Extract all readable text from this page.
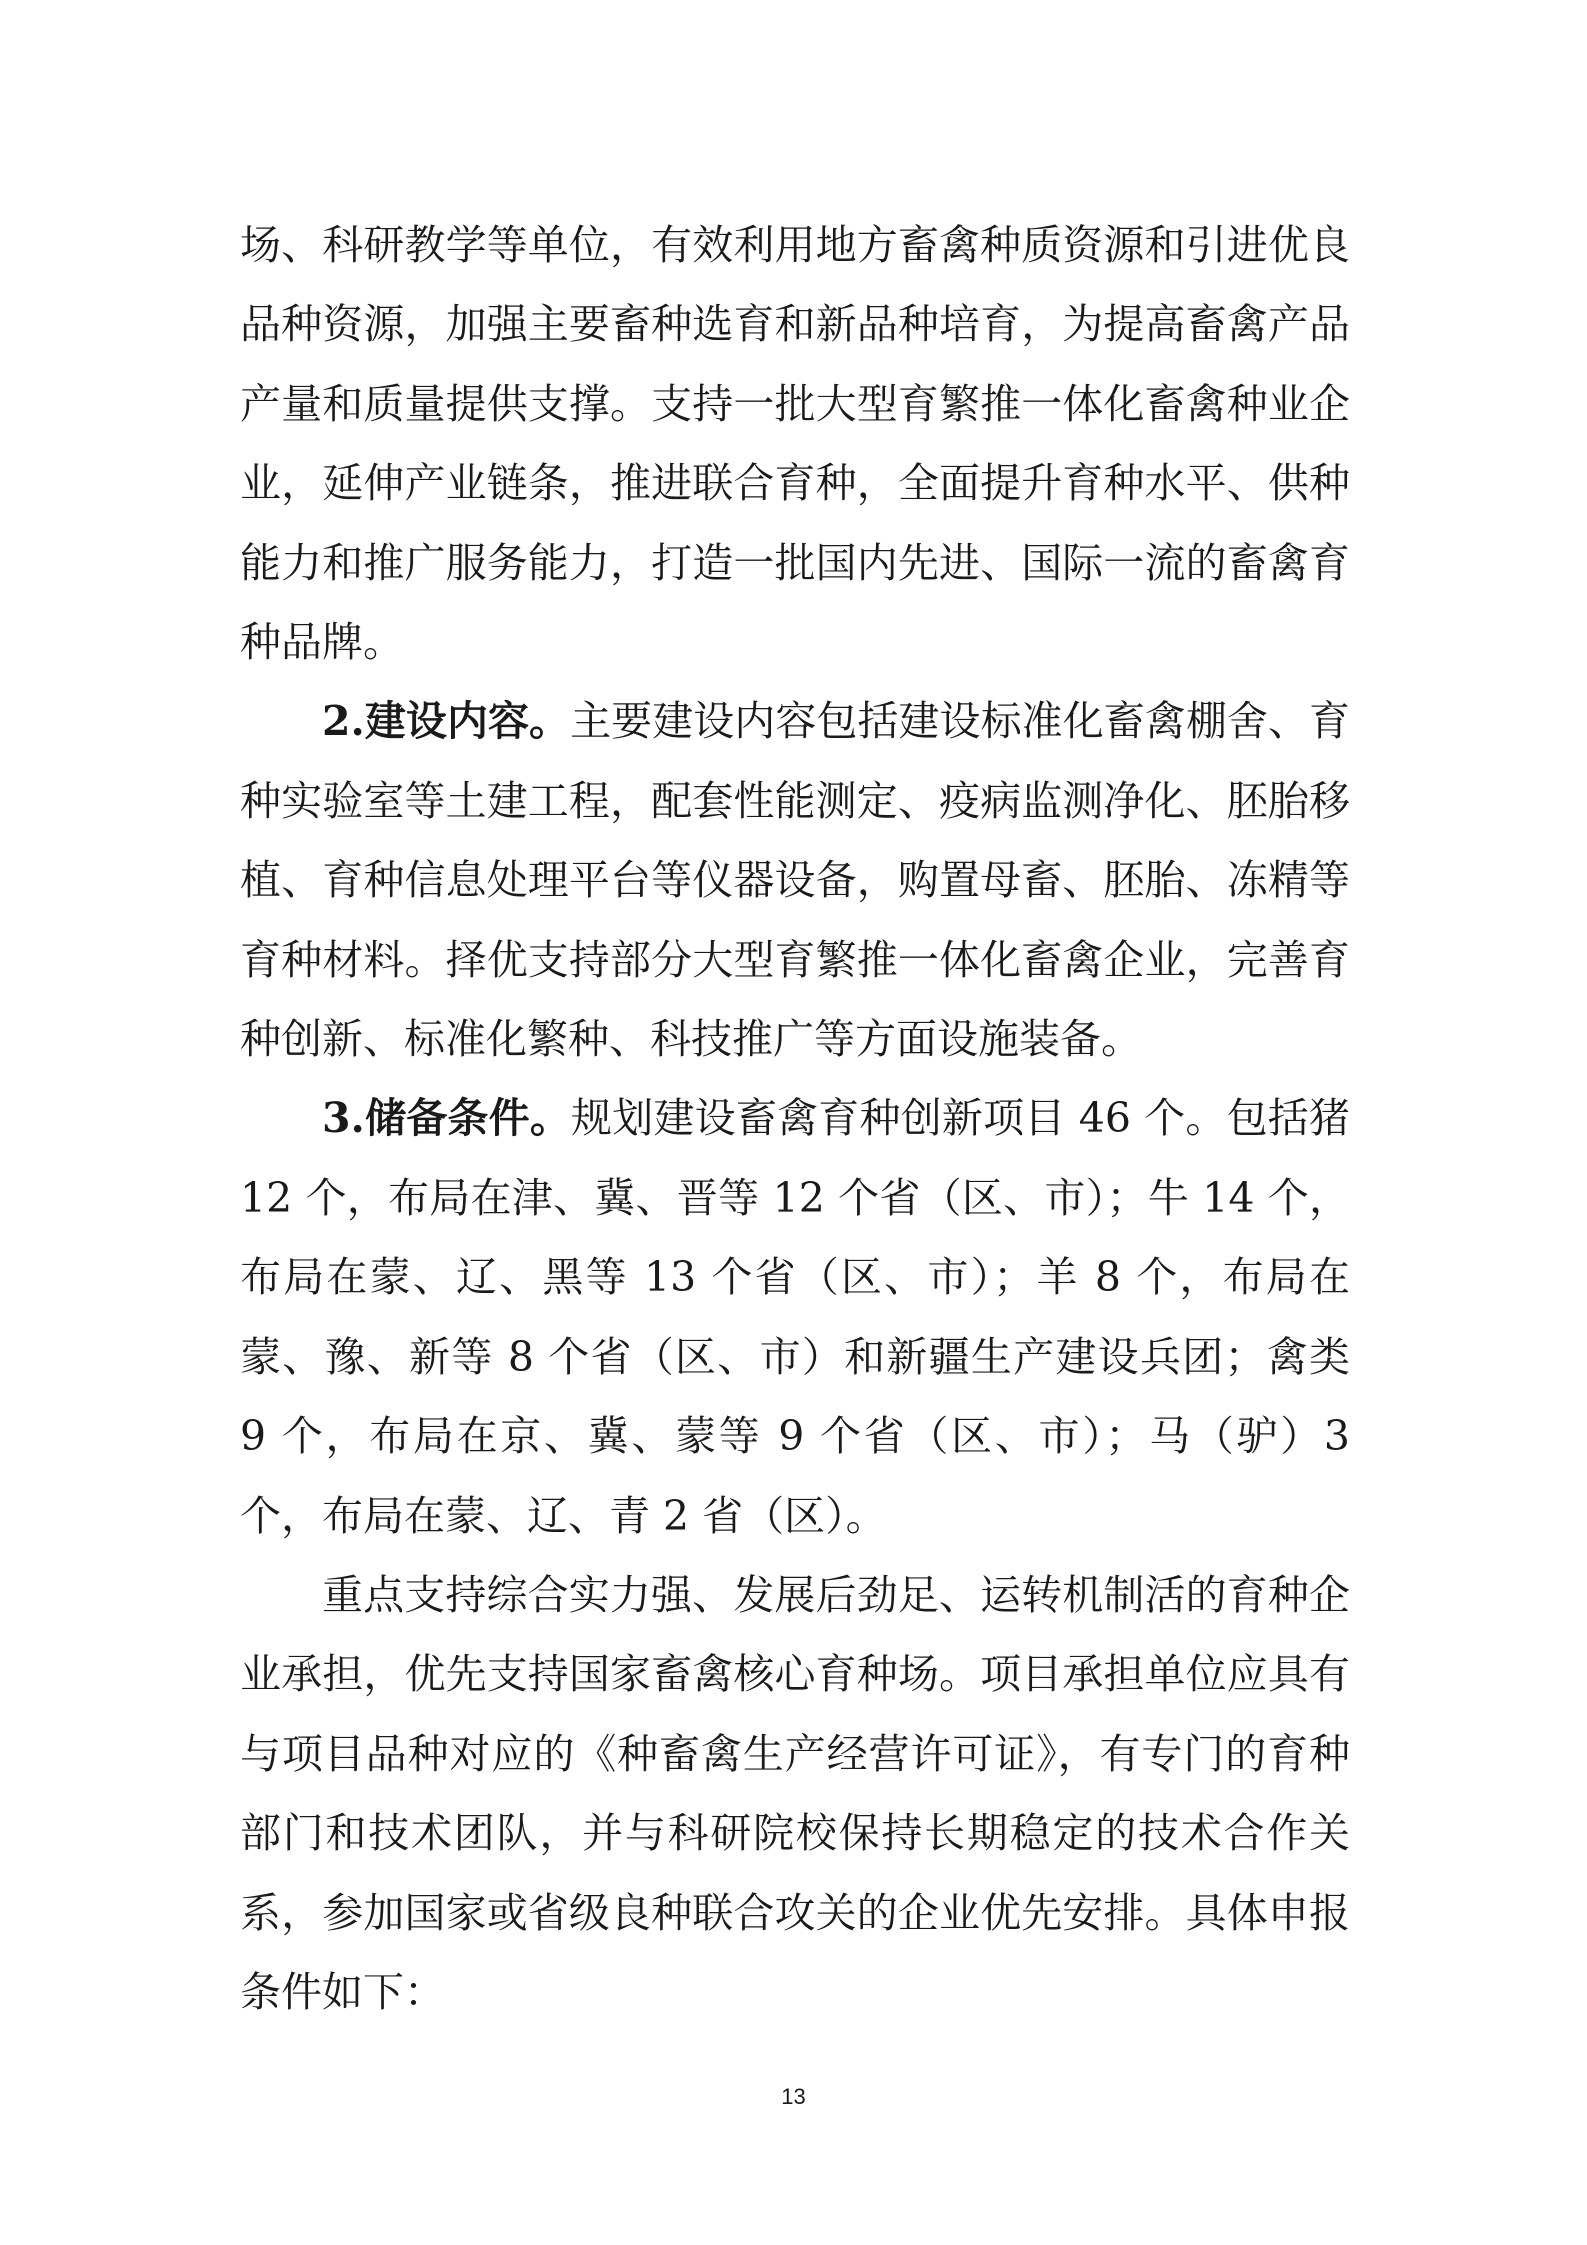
场、科研教学等单位，有效利用地方畜禽种质资源和引进优良品种资源，加强主要畜种选育和新品种培育，为提高畜禽产品产量和质量提供支撑。支持一批大型育繁推一体化畜禽种业企业，延伸产业链条，推进联合育种，全面提升育种水平、供种能力和推广服务能力，打造一批国内先进、国际一流的畜禽育种品牌。

2.建设内容。主要建设内容包括建设标准化畜禽棚舍、育种实验室等土建工程，配套性能测定、疫病监测净化、胚胎移植、育种信息处理平台等仪器设备，购置母畜、胚胎、冻精等育种材料。择优支持部分大型育繁推一体化畜禽企业，完善育种创新、标准化繁种、科技推广等方面设施装备。

3.储备条件。规划建设畜禽育种创新项目 46 个。包括猪 12 个，布局在津、冀、晋等 12 个省（区、市）；牛 14 个，布局在蒙、辽、黑等 13 个省（区、市）；羊 8 个，布局在蒙、豫、新等 8 个省（区、市）和新疆生产建设兵团；禽类 9 个，布局在京、冀、蒙等 9 个省（区、市）；马（驴）3 个，布局在蒙、辽、青 2 省（区）。

重点支持综合实力强、发展后劲足、运转机制活的育种企业承担，优先支持国家畜禽核心育种场。项目承担单位应具有与项目品种对应的《种畜禽生产经营许可证》，有专门的育种部门和技术团队，并与科研院校保持长期稳定的技术合作关系，参加国家或省级良种联合攻关的企业优先安排。具体申报条件如下：

13
